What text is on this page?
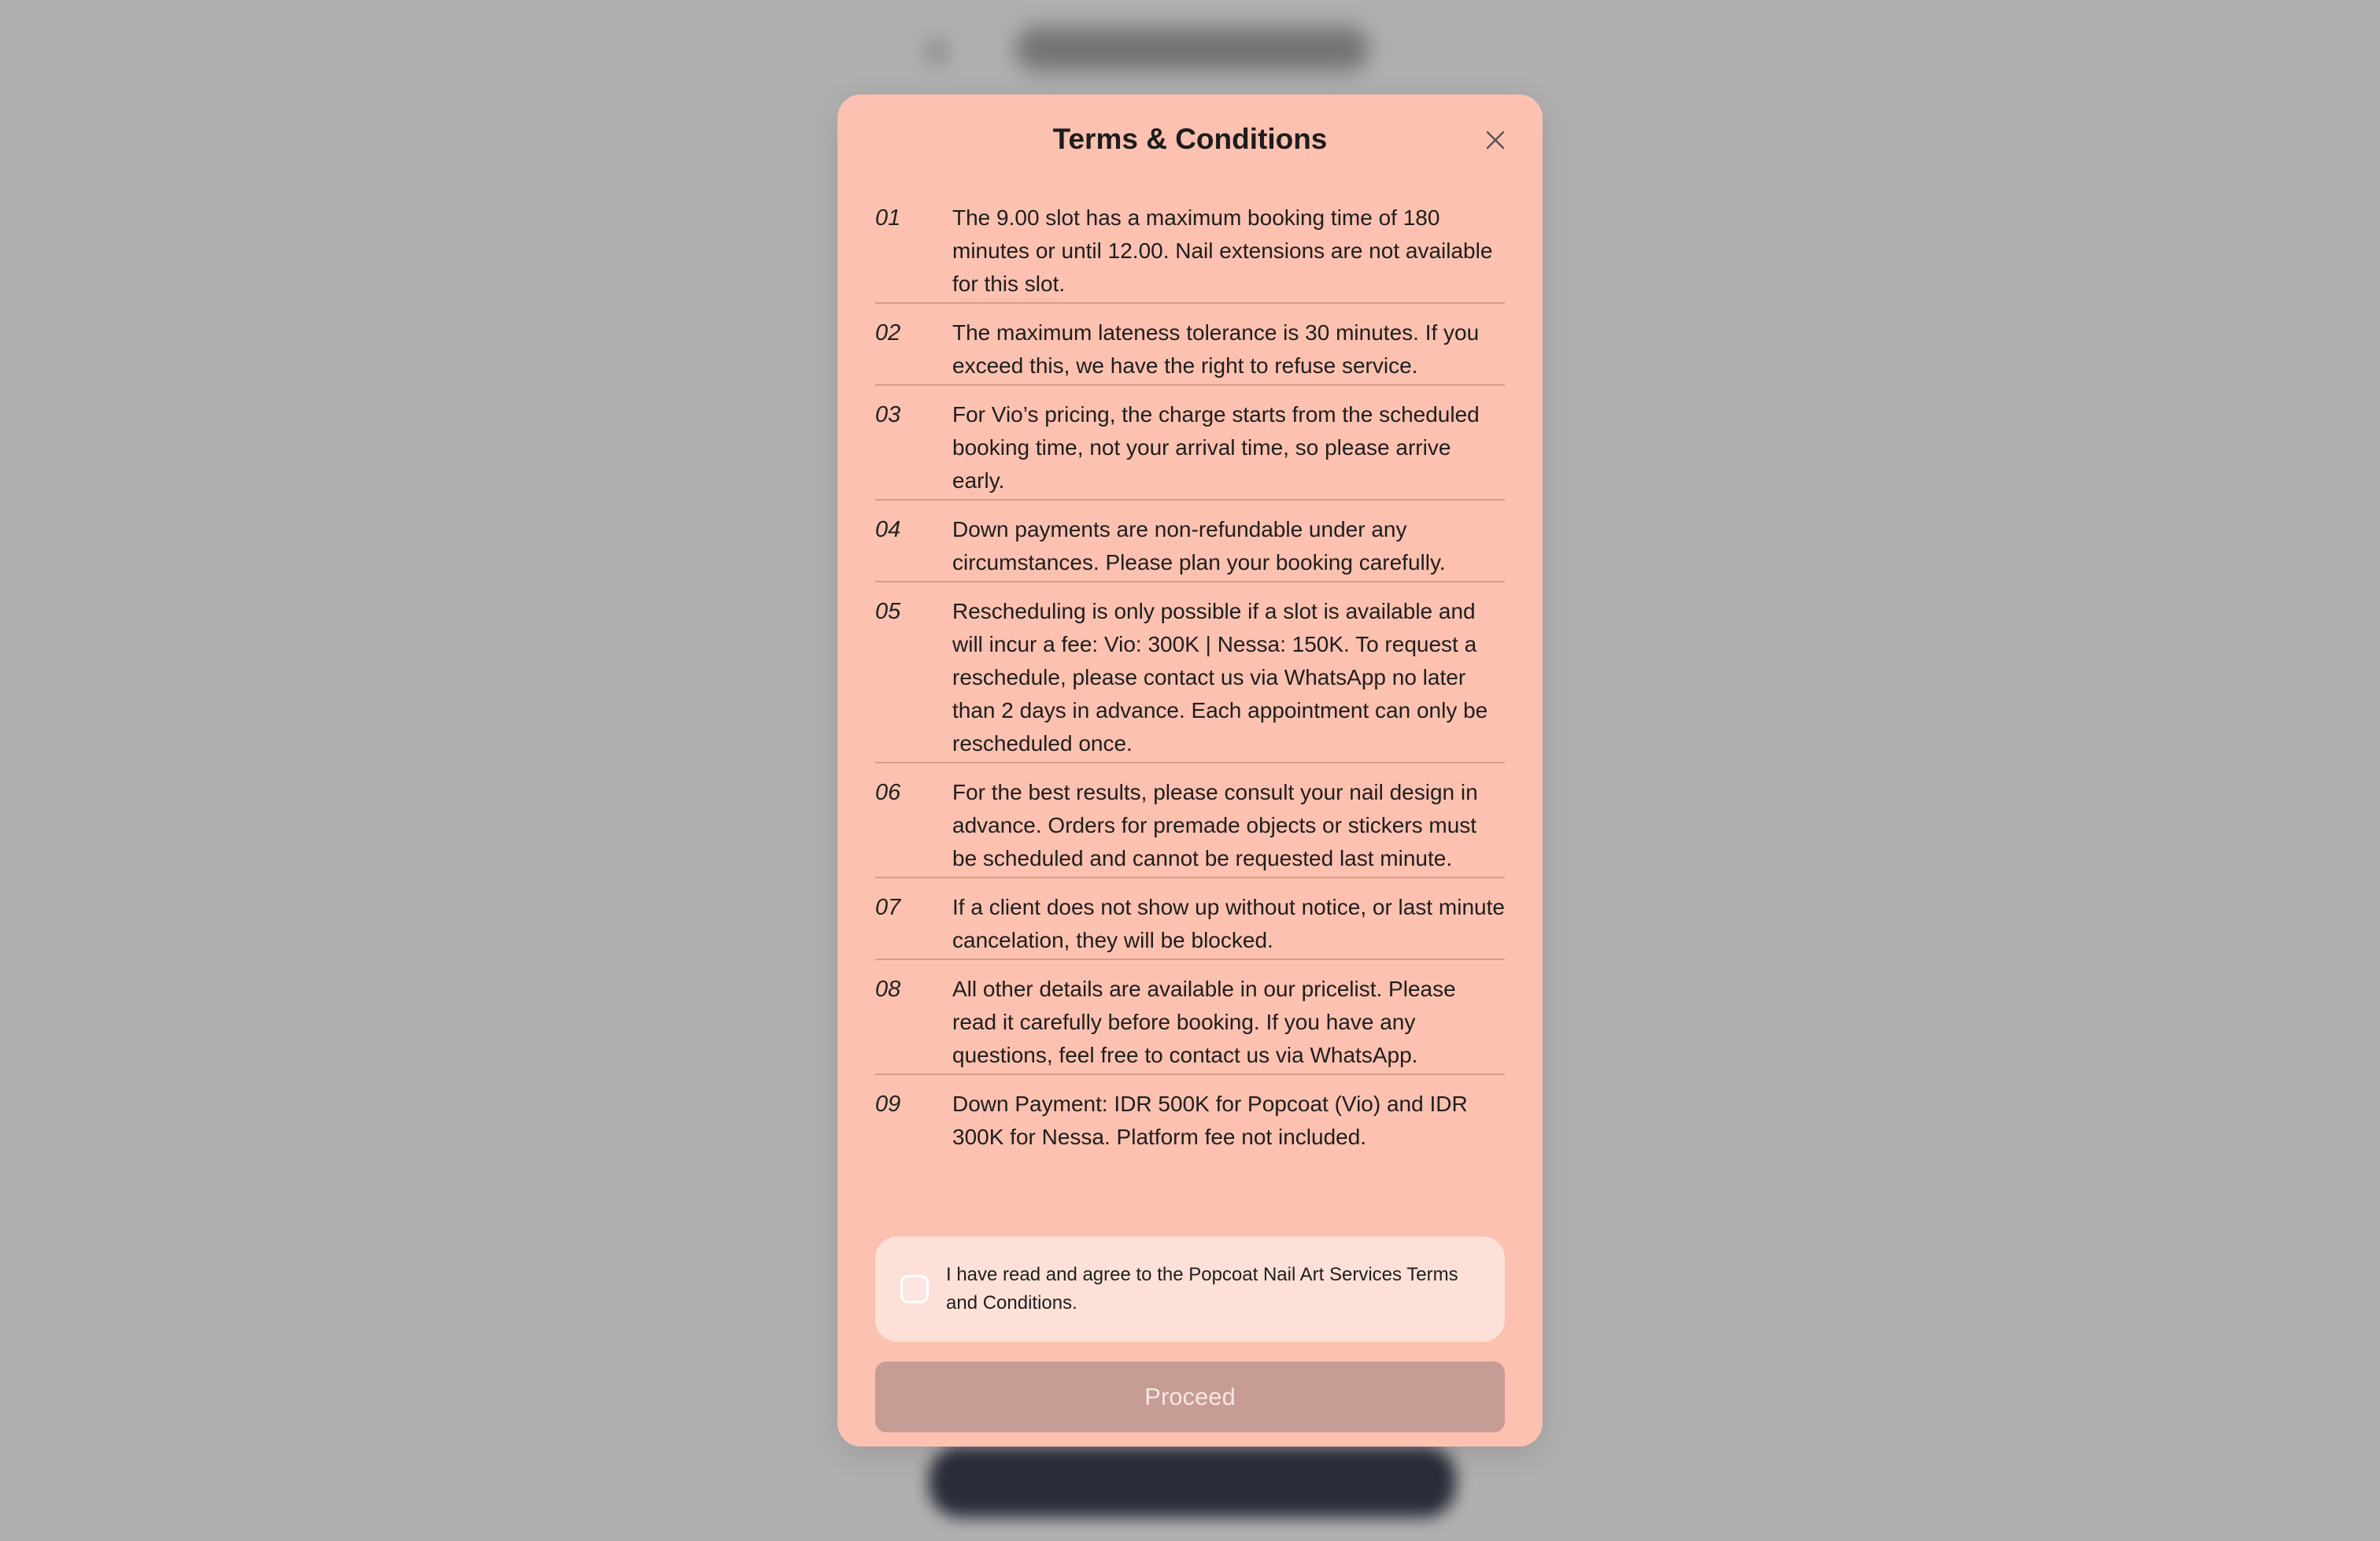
Terms & Conditions
01	The 9.00 slot has a maximum booking time of 180 minutes or until 12.00. Nail extensions are not available for this slot.
02	The maximum lateness tolerance is 30 minutes. If you exceed this, we have the right to refuse service.
03	For Vio’s pricing, the charge starts from the scheduled booking time, not your arrival time, so please arrive early.
04	Down payments are non-refundable under any circumstances. Please plan your booking carefully.
05	Rescheduling is only possible if a slot is available and will incur a fee: Vio: 300K | Nessa: 150K. To request a reschedule, please contact us via WhatsApp no later than 2 days in advance. Each appointment can only be rescheduled once.
06	For the best results, please consult your nail design in advance. Orders for premade objects or stickers must be scheduled and cannot be requested last minute.
07	If a client does not show up without notice, or last minute cancelation, they will be blocked.
08	All other details are available in our pricelist. Please read it carefully before booking. If you have any questions, feel free to contact us via WhatsApp.
09	Down Payment: IDR 500K for Popcoat (Vio) and IDR 300K for Nessa. Platform fee not included.
I have read and agree to the Popcoat Nail Art Services Terms and Conditions.
Proceed
